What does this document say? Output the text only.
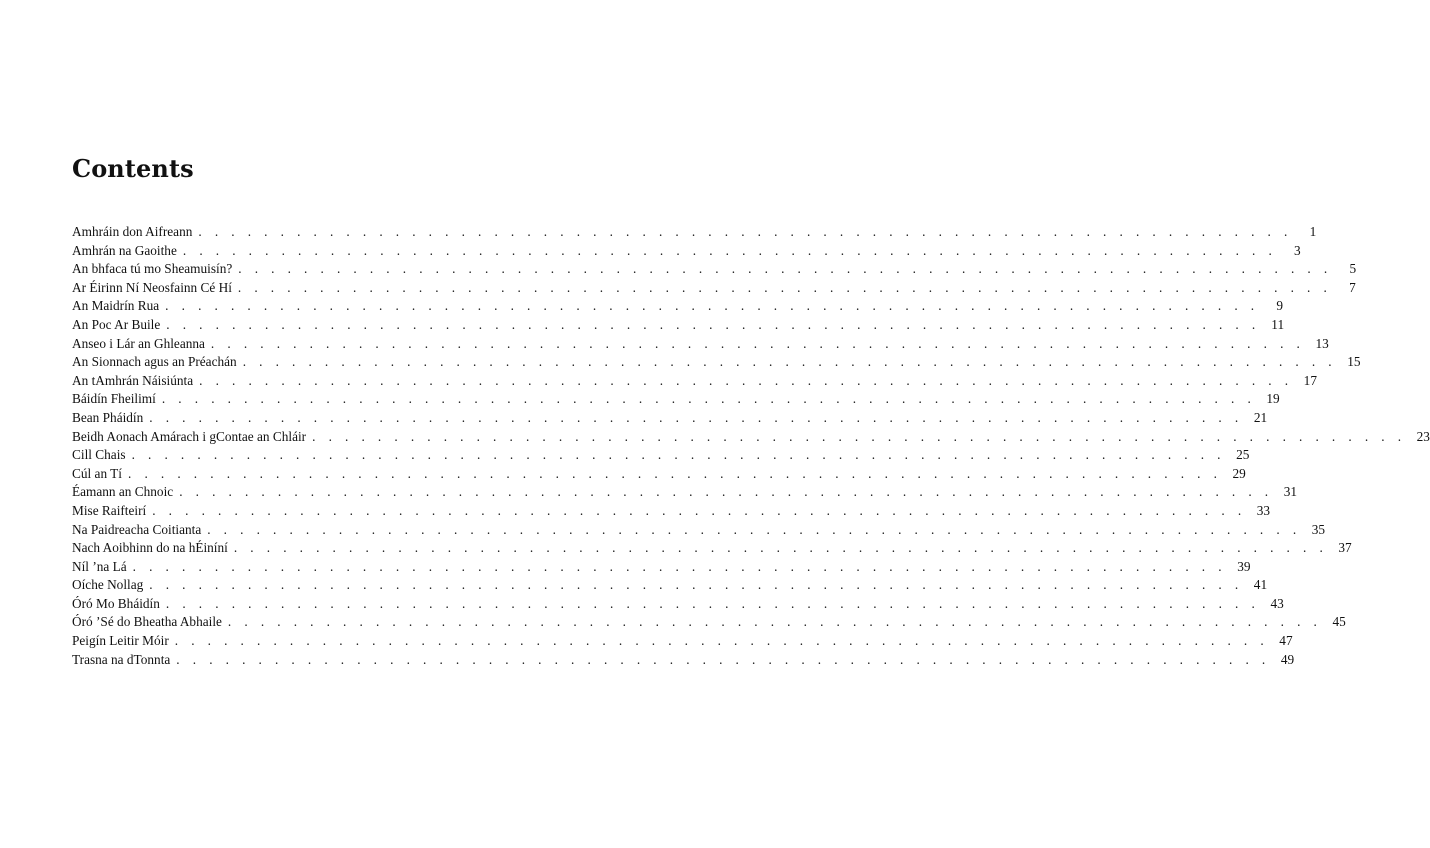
Contents
Amhráin don Aifreann . . . . . . . . . . . . . . . . . . . . . . . . . . . . . . . . . . . . . . . . . . . . . . . . . . . . . . . . . . . . . . . . . . .	1
Amhrán na Gaoithe . . . . . . . . . . . . . . . . . . . . . . . . . . . . . . . . . . . . . . . . . . . . . . . . . . . . . . . . . . . . . . . . . . .	3
An bhfaca tú mo Sheamuisín? . . . . . . . . . . . . . . . . . . . . . . . . . . . . . . . . . . . . . . . . . . . . . . . . . . . . . . . . . . . . . . . . . . .	5
Ar Éirinn Ní Neosfainn Cé Hí . . . . . . . . . . . . . . . . . . . . . . . . . . . . . . . . . . . . . . . . . . . . . . . . . . . . . . . . . . . . . . . . . . .	7
An Maidrín Rua . . . . . . . . . . . . . . . . . . . . . . . . . . . . . . . . . . . . . . . . . . . . . . . . . . . . . . . . . . . . . . . . . . .	9
An Poc Ar Buile . . . . . . . . . . . . . . . . . . . . . . . . . . . . . . . . . . . . . . . . . . . . . . . . . . . . . . . . . . . . . . . . . . . 11
Anseo i Lár an Ghleanna . . . . . . . . . . . . . . . . . . . . . . . . . . . . . . . . . . . . . . . . . . . . . . . . . . . . . . . . . . . . . . . . . . . 13
An Sionnach agus an Préachán . . . . . . . . . . . . . . . . . . . . . . . . . . . . . . . . . . . . . . . . . . . . . . . . . . . . . . . . . . . . . . . . . . . 15
An tAmhrán Náisiúnta . . . . . . . . . . . . . . . . . . . . . . . . . . . . . . . . . . . . . . . . . . . . . . . . . . . . . . . . . . . . . . . . . . . 17
Báidín Fheilimí . . . . . . . . . . . . . . . . . . . . . . . . . . . . . . . . . . . . . . . . . . . . . . . . . . . . . . . . . . . . . . . . . . . 19
Bean Pháidín . . . . . . . . . . . . . . . . . . . . . . . . . . . . . . . . . . . . . . . . . . . . . . . . . . . . . . . . . . . . . . . . . . . 21
Beidh Aonach Amárach i gContae an Chláir . . . . . . . . . . . . . . . . . . . . . . . . . . . . . . . . . . . . . . . . . . . . . . . . . . . . . . . . . . . . . . . . . . . 23
Cill Chais . . . . . . . . . . . . . . . . . . . . . . . . . . . . . . . . . . . . . . . . . . . . . . . . . . . . . . . . . . . . . . . . . . . 25
Cúl an Tí . . . . . . . . . . . . . . . . . . . . . . . . . . . . . . . . . . . . . . . . . . . . . . . . . . . . . . . . . . . . . . . . . . . 29
Éamann an Chnoic . . . . . . . . . . . . . . . . . . . . . . . . . . . . . . . . . . . . . . . . . . . . . . . . . . . . . . . . . . . . . . . . . . . 31
Mise Raifteirí . . . . . . . . . . . . . . . . . . . . . . . . . . . . . . . . . . . . . . . . . . . . . . . . . . . . . . . . . . . . . . . . . . . 33
Na Paidreacha Coitianta . . . . . . . . . . . . . . . . . . . . . . . . . . . . . . . . . . . . . . . . . . . . . . . . . . . . . . . . . . . . . . . . . . . 35
Nach Aoibhinn do na hÉiníní . . . . . . . . . . . . . . . . . . . . . . . . . . . . . . . . . . . . . . . . . . . . . . . . . . . . . . . . . . . . . . . . . . . 37
Níl ’na Lá . . . . . . . . . . . . . . . . . . . . . . . . . . . . . . . . . . . . . . . . . . . . . . . . . . . . . . . . . . . . . . . . . . . 39
Oíche Nollag . . . . . . . . . . . . . . . . . . . . . . . . . . . . . . . . . . . . . . . . . . . . . . . . . . . . . . . . . . . . . . . . . . . 41
Óró Mo Bháidín . . . . . . . . . . . . . . . . . . . . . . . . . . . . . . . . . . . . . . . . . . . . . . . . . . . . . . . . . . . . . . . . . . . 43
Óró ’Sé do Bheatha Abhaile . . . . . . . . . . . . . . . . . . . . . . . . . . . . . . . . . . . . . . . . . . . . . . . . . . . . . . . . . . . . . . . . . . . 45
Peigín Leitir Móir . . . . . . . . . . . . . . . . . . . . . . . . . . . . . . . . . . . . . . . . . . . . . . . . . . . . . . . . . . . . . . . . . . . 47
Trasna na dTonnta . . . . . . . . . . . . . . . . . . . . . . . . . . . . . . . . . . . . . . . . . . . . . . . . . . . . . . . . . . . . . . . . . . . 49
